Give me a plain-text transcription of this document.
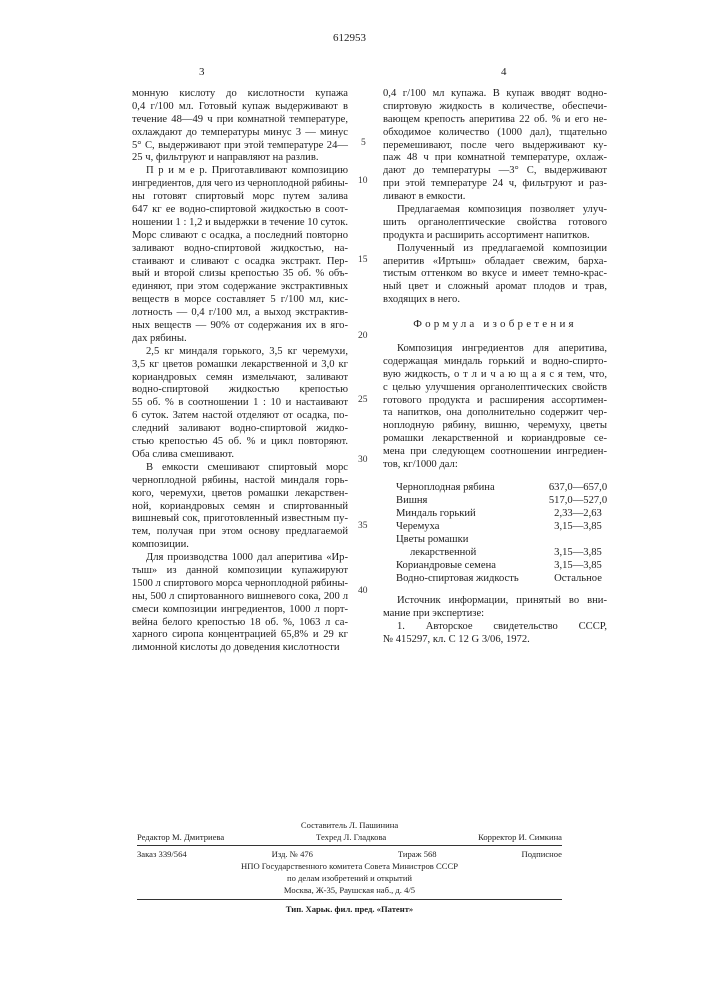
612953
3	4
5
10
15
20
25
30
35
40
монную кислоту до кислотности купажа
0,4 г/100 мл. Готовый купаж выдерживают в
течение 48—49 ч при комнатной температуре,
охлаждают до температуры минус 3 — минус
5° С, выдерживают при этой температуре 24—
25 ч, фильтруют и направляют на разлив.
П р и м е р. Приготавливают композицию
ингредиентов, для чего из черноплодной рябины-
ны готовят спиртовый морс путем залива
647 кг ее водно-спиртовой жидкостью в соот-
ношении 1 : 1,2 и выдержки в течение 10 суток.
Морс сливают с осадка, а последний повторно
заливают водно-спиртовой жидкостью, на-
стаивают и сливают с осадка экстракт. Пер-
вый и второй слизы крепостью 35 об. % объ-
единяют, при этом содержание экстрактивных
веществ в морсе составляет 5 г/100 мл, кис-
лотность — 0,4 г/100 мл, а выход экстрактив-
ных веществ — 90% от содержания их в яго-
дах рябины.
2,5 кг миндаля горького, 3,5 кг черемухи,
3,5 кг цветов ромашки лекарственной и 3,0 кг
кориандровых семян измельчают, заливают
водно-спиртовой жидкостью крепостью
55 об. % в соотношении 1 : 10 и настаивают
6 суток. Затем настой отделяют от осадка, по-
следний заливают водно-спиртовой жидко-
стью крепостью 45 об. % и цикл повторяют.
Оба слива смешивают.
В емкости смешивают спиртовый морс
черноплодной рябины, настой миндаля горь-
кого, черемухи, цветов ромашки лекарствен-
ной, кориандровых семян и спиртованный
вишневый сок, приготовленный известным пу-
тем, получая при этом основу предлагаемой
композиции.
Для производства 1000 дал аперитива «Ир-
тыш» из данной композиции купажируют
1500 л спиртового морса черноплодной рябины-
ны, 500 л спиртованного вишневого сока, 200 л
смеси композиции ингредиентов, 1000 л порт-
вейна белого крепостью 18 об. %, 1063 л са-
харного сиропа концентрацией 65,8% и 29 кг
лимонной кислоты до доведения кислотности
0,4 г/100 мл купажа. В купаж вводят водно-
спиртовую жидкость в количестве, обеспечи-
вающем крепость аперитива 22 об. % и его не-
обходимое количество (1000 дал), тщательно
перемешивают, после чего выдерживают ку-
паж 48 ч при комнатной температуре, охлаж-
дают до температуры —3° С, выдерживают
при этой температуре 24 ч, фильтруют и раз-
ливают в емкости.
Предлагаемая композиция позволяет улуч-
шить органолептические свойства готового
продукта и расширить ассортимент напитков.
Полученный из предлагаемой композиции
аперитив «Иртыш» обладает свежим, барха-
тистым оттенком во вкусе и имеет темно-крас-
ный цвет и сложный аромат плодов и трав,
входящих в него.
Формула изобретения
Композиция ингредиентов для аперитива,
содержащая миндаль горький и водно-спирто-
вую жидкость, о т л и ч а ю щ а я с я тем, что,
с целью улучшения органолептических свойств
готового продукта и расширения ассортимен-
та напитков, она дополнительно содержит чер-
ноплодную рябину, вишню, черемуху, цветы
ромашки лекарственной и кориандровые се-
мена при следующем соотношении ингредиен-
тов, кг/1000 дал:
Черноплодная рябина	637,0—657,0
Вишня	517,0—527,0
Миндаль горький	2,33—2,63
Черемуха	3,15—3,85
Цветы ромашки
лекарственной	3,15—3,85
Кориандровые семена	3,15—3,85
Водно-спиртовая жидкость	Остальное
Источник информации, принятый во вни-
мание при экспертизе:
1. Авторское свидетельство СССР,
№ 415297, кл. С 12 G 3/06, 1972.
Составитель Л. Пашинина
Редактор М. Дмитриева	Техред Л. Гладкова	Корректор И. Симкина
Заказ 339/564	Изд. № 476	Тираж 568	Подписное
НПО Государственного комитета Совета Министров СССР
по делам изобретений и открытий
Москва, Ж-35, Раушская наб., д. 4/5
Тип. Харьк. фил. пред. «Патент»
